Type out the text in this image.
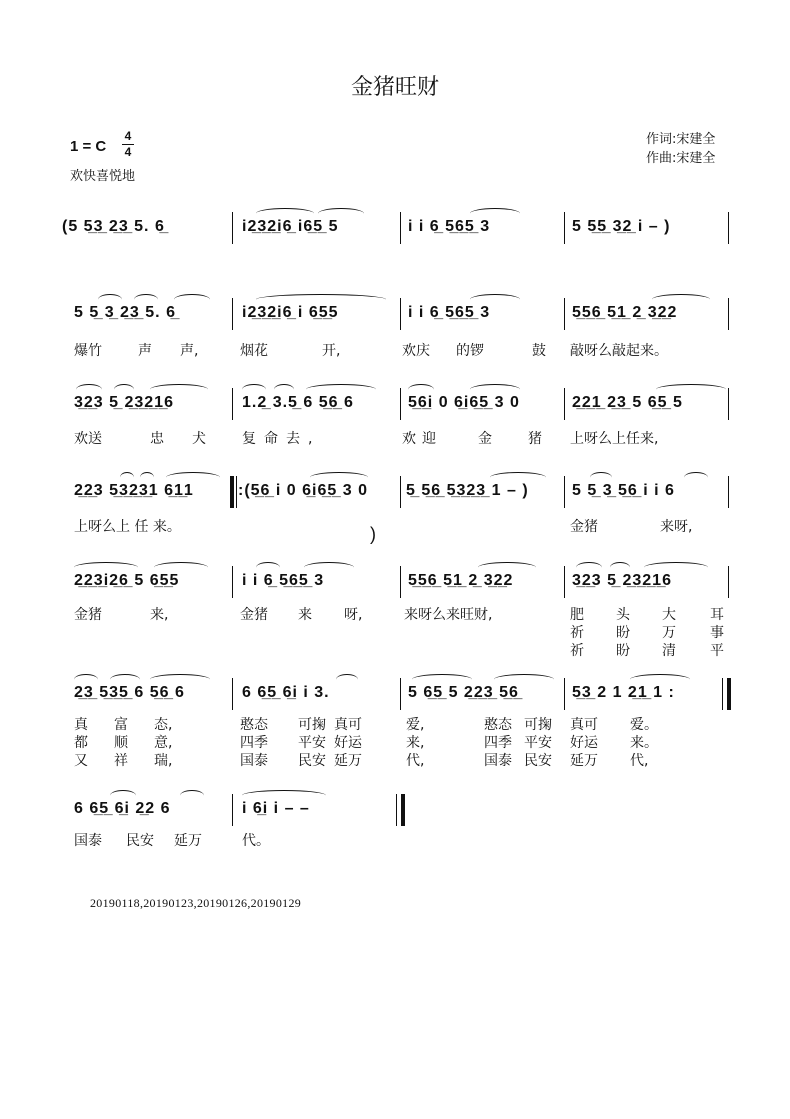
金猪旺财
1 = C
4
4
欢快喜悦地
作词:宋建全
作曲:宋建全
(5 5̲3̲ 2̲3̲ 5. 6̲	i2̲3̲2̲i6̲ i6̲5̲ 5	i i 6̲ 5̲6̲5̲ 3	5 5̲5̲ 3̲2̲ i – )
5 5̲ 3̲ 2̲3̲ 5. 6̲	i2̲3̲2̲i6̲ i 6̲5̲5	i i 6̲ 5̲6̲5̲ 3	5̲5̲6̲ 5̲1̲ 2̲ 3̲2̲2
爆竹	声 声,	烟花	开,	欢庆 的锣	鼓 敲呀么敲起来。
3̲2̲3 5̲ 2̲3̲2̲1̲6	1.2̲ 3.5̲ 6 5̲6̲ 6	5̲6̲i 0 6̲i6̲5̲ 3 0	2̲2̲1̲ 2̲3̲ 5 6̲5̲ 5
欢送	忠 犬	复命去,	欢迎	金	猪 上呀么上任来,
2̲2̲3 5̲3̲2̲3̲1 6̲1̲1	:(5̲6̲ i 0 6̲i6̲5̲ 3 0 5̲ 5̲6̲ 5̲3̲2̲3̲ 1 – )	5 5̲ 3̲ 5̲6̲ i i 6
上呀么上 任 来。	)	金猪	来呀,
2̲2̲3̲i2̲6̲ 5 6̲5̲5	i i 6̲ 5̲6̲5̲ 3	5̲5̲6̲ 5̲1̲ 2̲ 3̲2̲2	3̲2̲3 5̲ 2̲3̲2̲1̲6
金猪	来,	金猪 来 呀,	来呀么来旺财,	肥 头 大 耳
祈 盼 万 事
祈 盼 清 平
2̲3̲ 5̲3̲5̲ 6 5̲6̲ 6	6 6̲5̲ 6̲i i 3.	5 6̲5̲ 5 2̲2̲3̲ 5̲6̲	5̲3̲ 2 1 2̲1̲ 1 :
真 富 态,	憨态 可掬 真可	爱,	憨态 可掬 真可 爱。
都 顺 意,	四季 平安 好运	来,	四季 平安 好运 来。
又 祥 瑞,	国泰 民安 延万	代,	国泰 民安 延万 代,
6 6̲5̲ 6̲i 2̲2 6	i 6̲i i – –
国泰 民安 延万	代。
20190118,20190123,20190126,20190129
